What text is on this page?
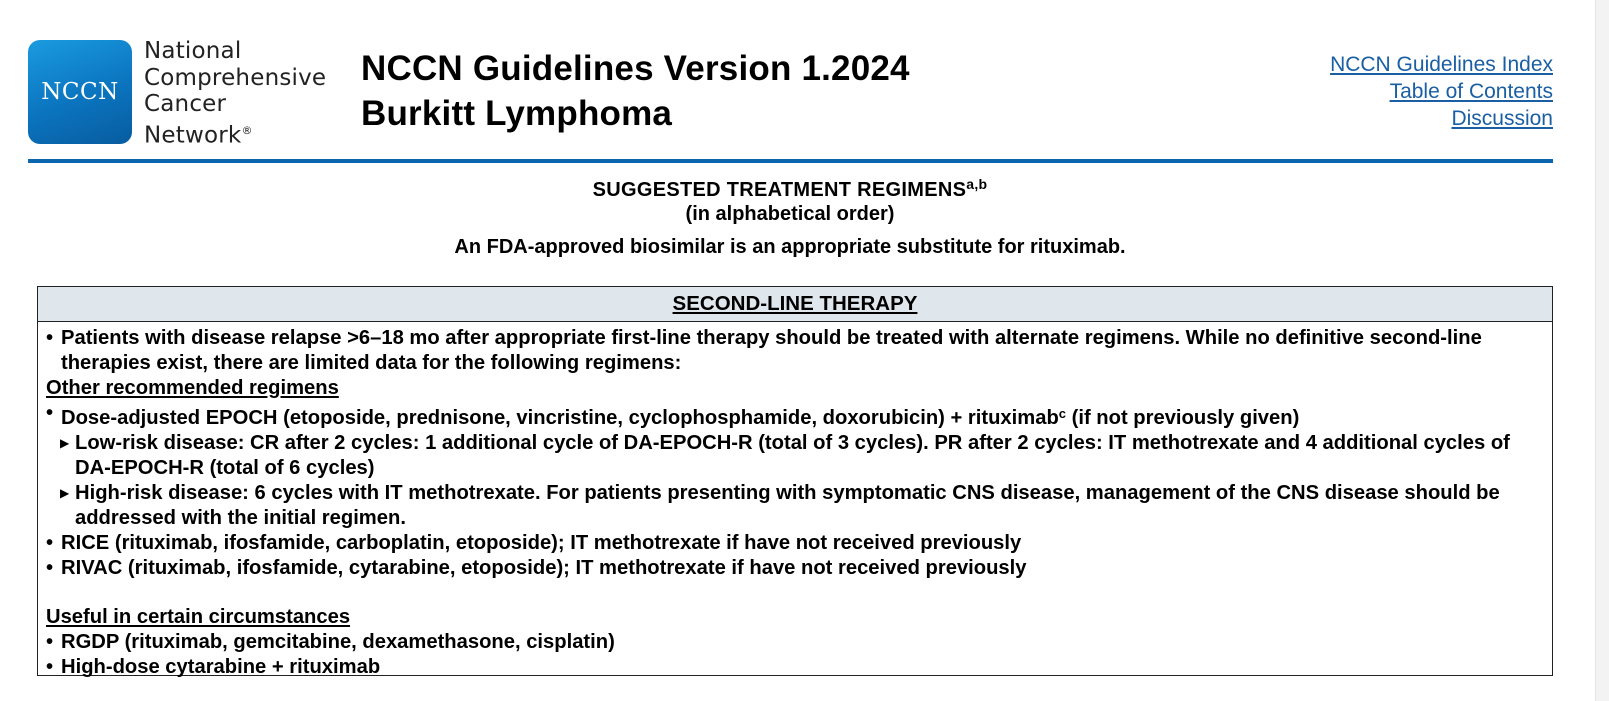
NCCN
National
Comprehensive
Cancer
Network®
NCCN Guidelines Version 1.2024
Burkitt Lymphoma
NCCN Guidelines Index
Table of Contents
Discussion
SUGGESTED TREATMENT REGIMENS$^{a,b}$
(in alphabetical order)
An FDA-approved biosimilar is an appropriate substitute for rituximab.
SECOND-LINE THERAPY
• Patients with disease relapse >6–18 mo after appropriate first-line therapy should be treated with alternate regimens. While no definitive second-line therapies exist, there are limited data for the following regimens:
Other recommended regimens
• Dose-adjusted EPOCH (etoposide, prednisone, vincristine, cyclophosphamide, doxorubicin) + rituximab$^c$ (if not previously given)
▶ Low-risk disease: CR after 2 cycles: 1 additional cycle of DA-EPOCH-R (total of 3 cycles). PR after 2 cycles: IT methotrexate and 4 additional cycles of DA-EPOCH-R (total of 6 cycles)
▶ High-risk disease: 6 cycles with IT methotrexate. For patients presenting with symptomatic CNS disease, management of the CNS disease should be addressed with the initial regimen.
• RICE (rituximab, ifosfamide, carboplatin, etoposide); IT methotrexate if have not received previously
• RIVAC (rituximab, ifosfamide, cytarabine, etoposide); IT methotrexate if have not received previously
Useful in certain circumstances
• RGDP (rituximab, gemcitabine, dexamethasone, cisplatin)
• High-dose cytarabine + rituximab
